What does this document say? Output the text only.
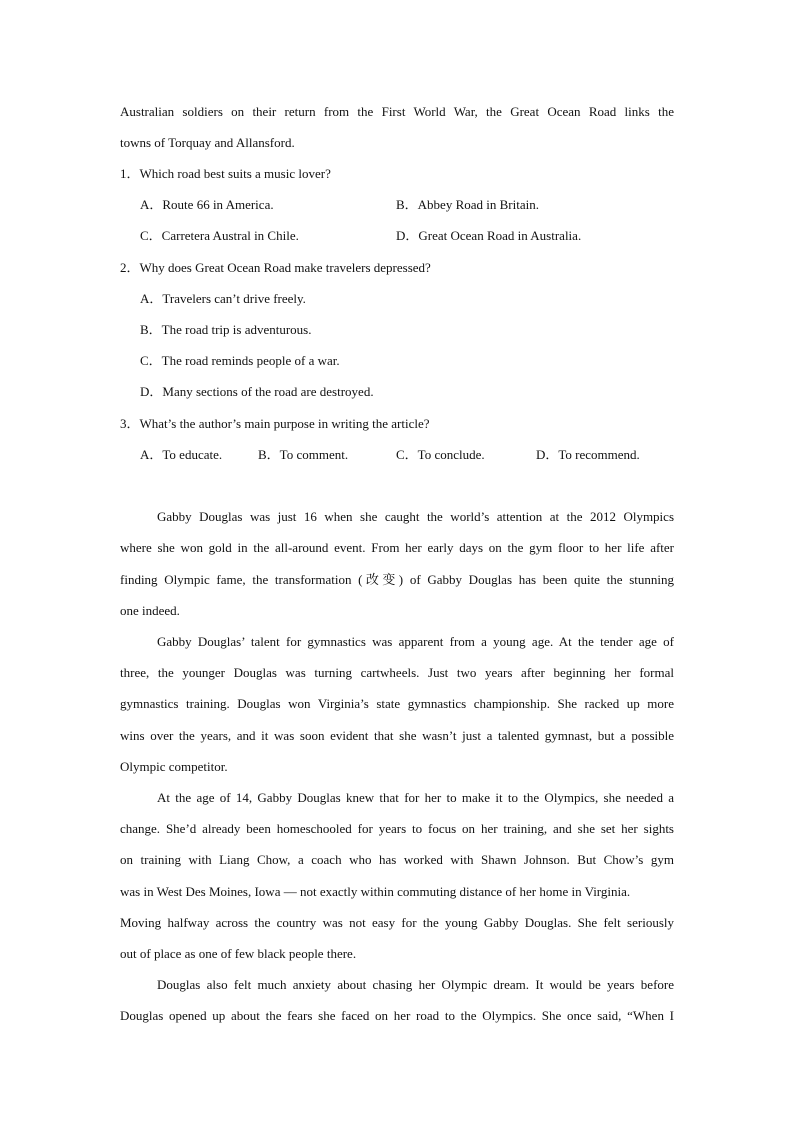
Australian soldiers on their return from the First World War, the Great Ocean Road links the
towns of Torquay and Allansford.
1．Which road best suits a music lover?
A．Route 66 in America.	B．Abbey Road in Britain.
C．Carretera Austral in Chile.	D．Great Ocean Road in Australia.
2．Why does Great Ocean Road make travelers depressed?
A．Travelers can’t drive freely.
B．The road trip is adventurous.
C．The road reminds people of a war.
D．Many sections of the road are destroyed.
3．What’s the author’s main purpose in writing the article?
A．To educate.	B．To comment.	C．To conclude.	D．To recommend.
Gabby Douglas was just 16 when she caught the world’s attention at the 2012 Olympics
where she won gold in the all-around event. From her early days on the gym floor to her life after
finding Olympic fame, the transformation (改变) of Gabby Douglas has been quite the stunning
one indeed.
Gabby Douglas’ talent for gymnastics was apparent from a young age. At the tender age of
three, the younger Douglas was turning cartwheels. Just two years after beginning her formal
gymnastics training. Douglas won Virginia’s state gymnastics championship. She racked up more
wins over the years, and it was soon evident that she wasn’t just a talented gymnast, but a possible
Olympic competitor.
At the age of 14, Gabby Douglas knew that for her to make it to the Olympics, she needed a
change. She’d already been homeschooled for years to focus on her training, and she set her sights
on training with Liang Chow, a coach who has worked with Shawn Johnson. But Chow’s gym
was in West Des Moines, Iowa — not exactly within commuting distance of her home in Virginia.
Moving halfway across the country was not easy for the young Gabby Douglas. She felt seriously
out of place as one of few black people there.
Douglas also felt much anxiety about chasing her Olympic dream. It would be years before
Douglas opened up about the fears she faced on her road to the Olympics. She once said, “When I
